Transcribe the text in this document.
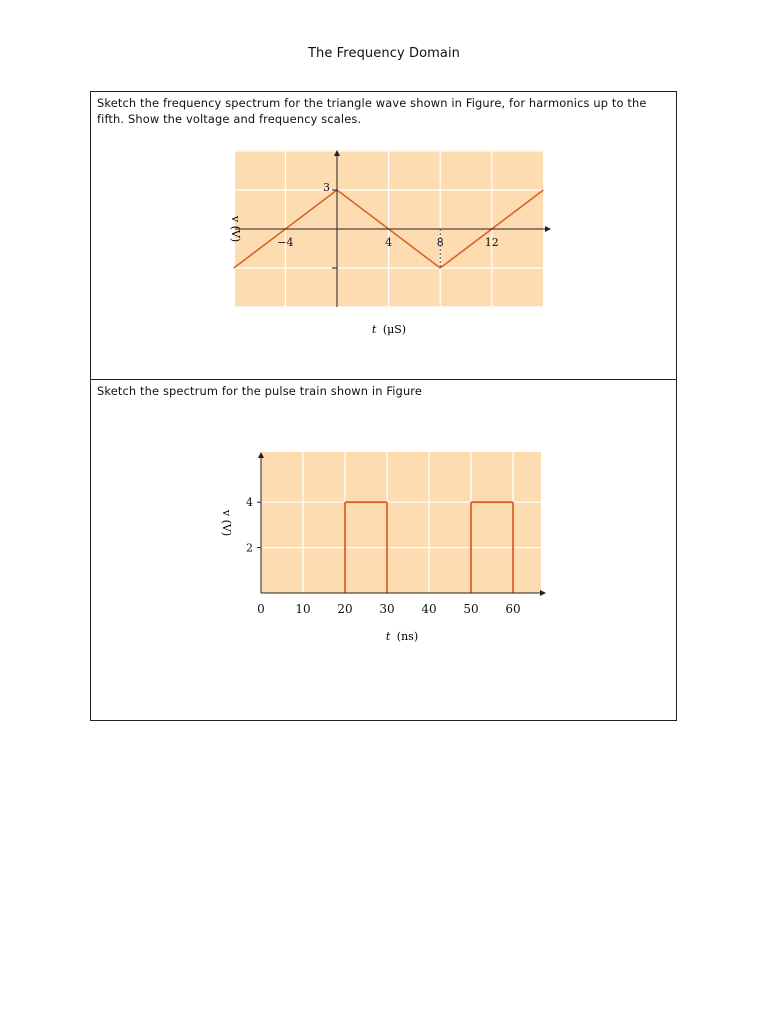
The Frequency Domain
Sketch the frequency spectrum for the triangle wave shown in Figure, for harmonics up to the fifth. Show the voltage and frequency scales.
Sketch the spectrum for the pulse train shown in Figure
−4	4	8	12
3
v (V)
t (μS)
0	10 20 30 40 50 60
2
4
v (V)
t (ns)
